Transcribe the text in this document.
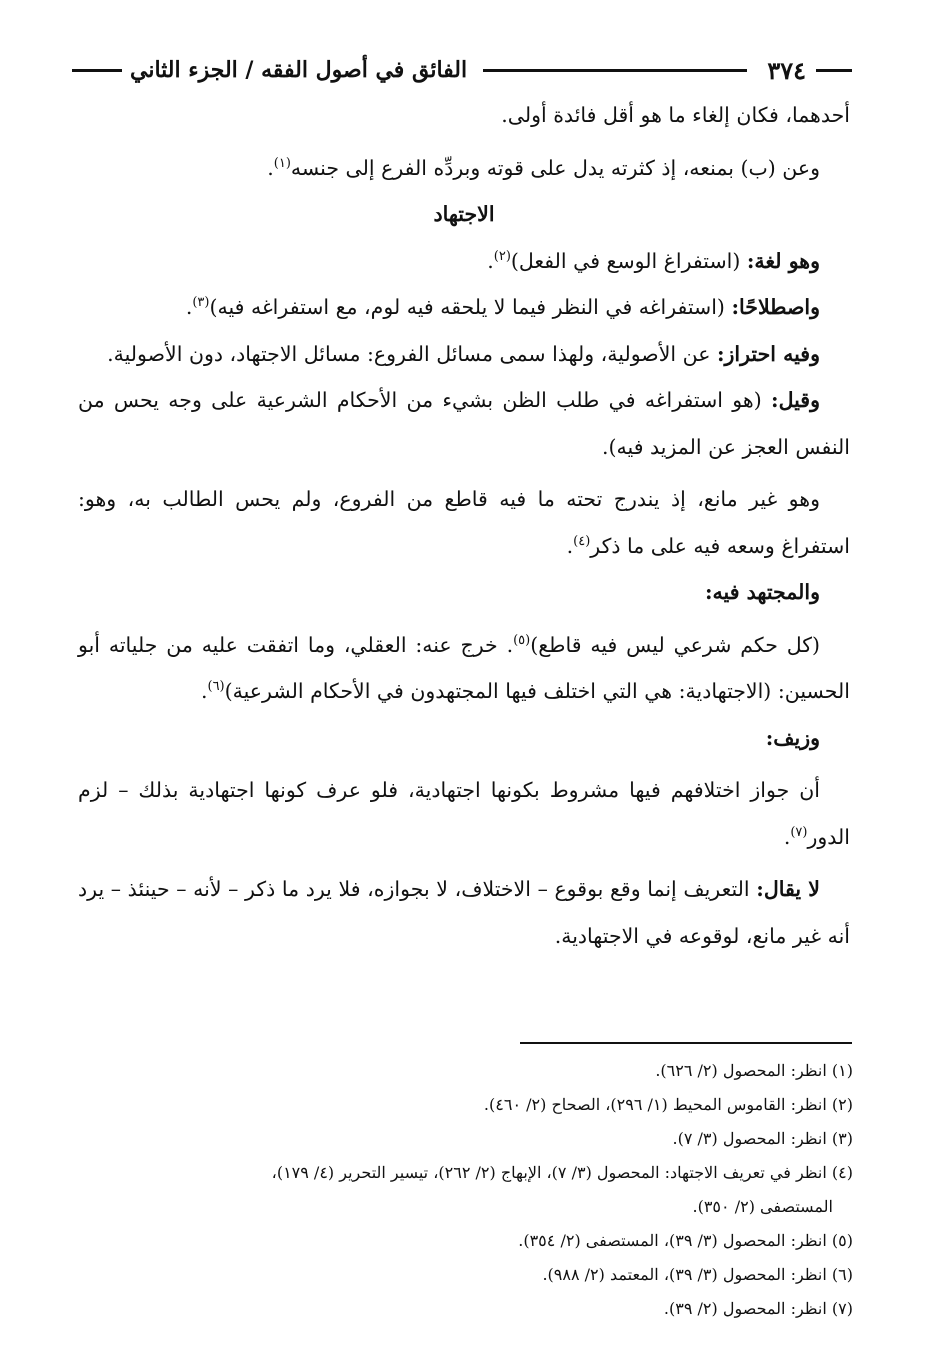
٣٧٤
الفائق في أصول الفقه / الجزء الثاني

أحدهما، فكان إلغاء ما هو أقل فائدة أولى.

وعن (ب) بمنعه، إذ كثرته يدل على قوته وبردِّه الفرع إلى جنسه$^{(١)}$.

الاجتهاد

وهو لغة: (استفراغ الوسع في الفعل)$^{(٢)}$.

واصطلاحًا: (استفراغه في النظر فيما لا يلحقه فيه لوم، مع استفراغه فيه)$^{(٣)}$.

وفيه احتراز: عن الأصولية، ولهذا سمى مسائل الفروع: مسائل الاجتهاد، دون الأصولية.

وقيل: (هو استفراغه في طلب الظن بشيء من الأحكام الشرعية على وجه يحس من النفس العجز عن المزيد فيه).

وهو غير مانع، إذ يندرج تحته ما فيه قاطع من الفروع، ولم يحس الطالب به، وهو: استفراغ وسعه فيه على ما ذكر$^{(٤)}$.

والمجتهد فيه:

(كل حكم شرعي ليس فيه قاطع)$^{(٥)}$. خرج عنه: العقلي، وما اتفقت عليه من جلياته أبو الحسين: (الاجتهادية: هي التي اختلف فيها المجتهدون في الأحكام الشرعية)$^{(٦)}$.

وزيف:

أن جواز اختلافهم فيها مشروط بكونها اجتهادية، فلو عرف كونها اجتهادية بذلك – لزم الدور$^{(٧)}$.

لا يقال: التعريف إنما وقع بوقوع – الاختلاف، لا بجوازه، فلا يرد ما ذكر – لأنه – حينئذ – يرد أنه غير مانع، لوقوعه في الاجتهادية.

(١) انظر: المحصول (٢/ ٦٢٦).

(٢) انظر: القاموس المحيط (١/ ٢٩٦)، الصحاح (٢/ ٤٦٠).

(٣) انظر: المحصول (٣/ ٧).

(٤) انظر في تعريف الاجتهاد: المحصول (٣/ ٧)، الإبهاج (٢/ ٢٦٢)، تيسير التحرير (٤/ ١٧٩)،

المستصفى (٢/ ٣٥٠).

(٥) انظر: المحصول (٣/ ٣٩)، المستصفى (٢/ ٣٥٤).

(٦) انظر: المحصول (٣/ ٣٩)، المعتمد (٢/ ٩٨٨).

(٧) انظر: المحصول (٢/ ٣٩).
